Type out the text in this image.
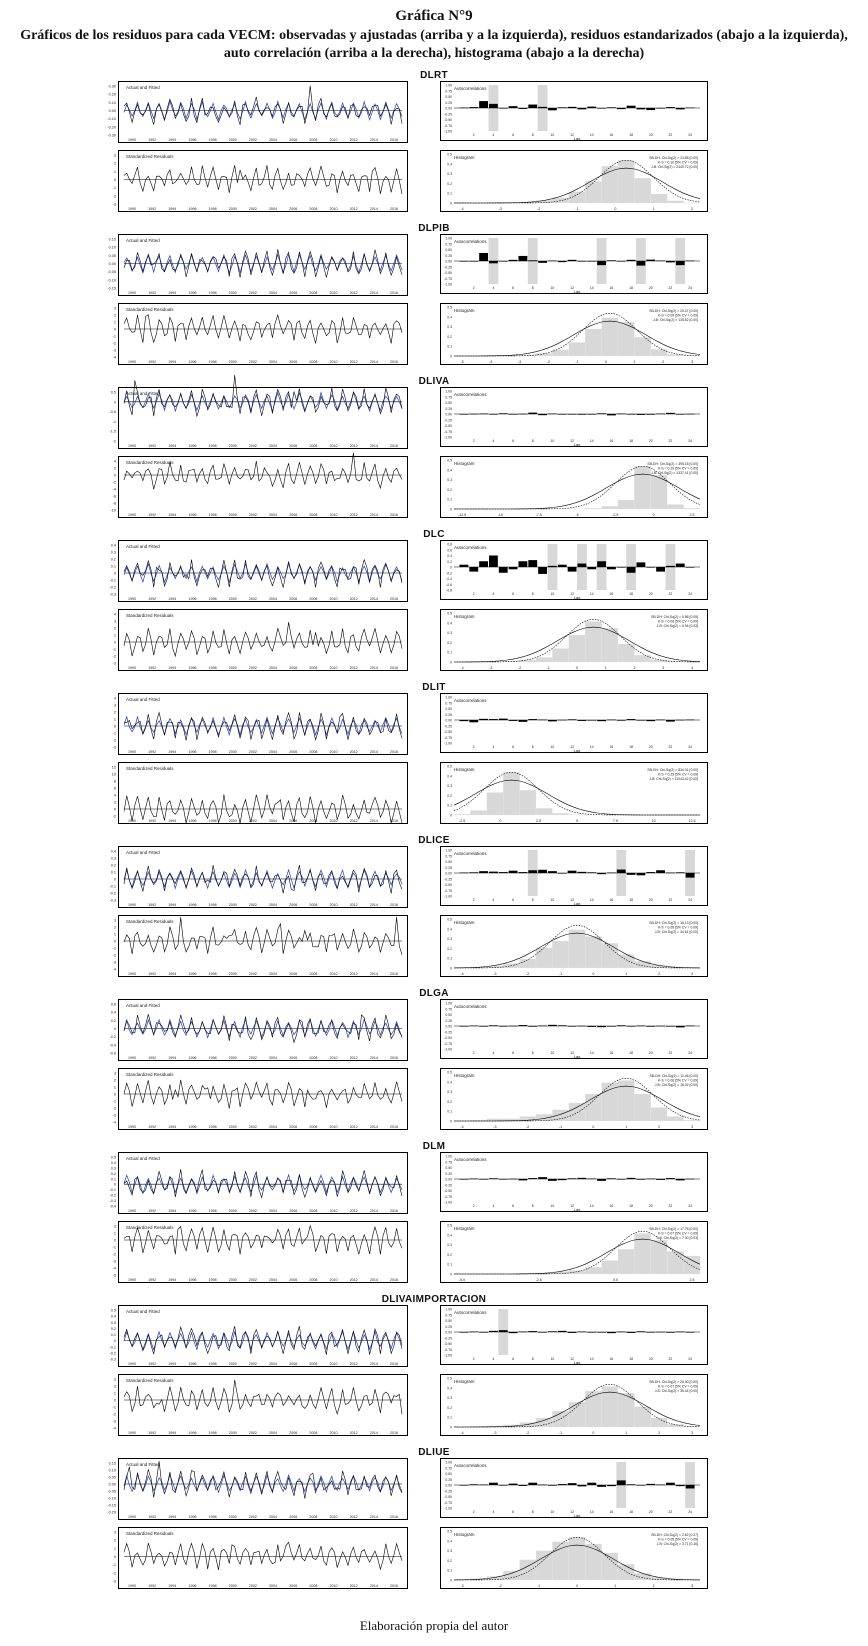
Gráfica N°9
Gráficos de los residuos para cada VECM: observadas y ajustadas (arriba y a la izquierda), residuos estandarizados (abajo a la izquierda), auto correlación (arriba a la derecha), histograma (abajo a la derecha)
DLRT
0.30
0.20
0.10
0.00
-0.10
-0.20
-0.30
Actual and Fitted
1990	1992	1994	1996	1998	2000	2002	2004	2006	2008	2010	2012	2014	2016
3
2
1
0
-1
-2
-3
Standardized Residuals
1990	1992	1994	1996	1998	2000	2002	2004	2006	2008	2010	2012	2014	2016
Autocorrelations
1.00
0.75
0.50
0.25
0.00
-0.25
-0.50
-0.75
-1.00
2	4	6	8	10	12	14	16	18	20	22	24
Lag
Histogram	SB-DH: Chi-Sq(2) = 23.85 [0.00]
K-S = 0.10 [5% CV = 0.09]
J-B: Chi-Sq(2) = 2440.72 [0.00]
0.5
0.4
0.3
0.2
0.1
0
-4	-3	-2	-1	0	1	2
DLPIB
0.15
0.10
0.05
0.00
-0.05
-0.10
-0.15
Actual and Fitted
1990	1992	1994	1996	1998	2000	2002	2004	2006	2008	2010	2012	2014	2016
3
2
1
0
-1
-2
-3
-4
Standardized Residuals
1990	1992	1994	1996	1998	2000	2002	2004	2006	2008	2010	2012	2014	2016
Autocorrelations
1.00
0.75
0.50
0.25
0.00
-0.25
-0.50
-0.75
-1.00
2	4	6	8	10	12	14	16	18	20	22	24
Lag
Histogram	SB-DH: Chi-Sq(2) = 20.47 [0.00]
K-S = 0.09 [5% CV = 0.09]
J-B: Chi-Sq(2) = 135.52 [0.00]
0.5
0.4
0.3
0.2
0.1
0
-5	-4	-3	-2	-1	0	1	2	3
DLIVA
0.5
0
-0.5
-1
-1.5
-2
Actual and Fitted
1990	1992	1994	1996	1998	2000	2002	2004	2006	2008	2010	2012	2014	2016
4
2
0
-2
-4
-6
-8
-10
Standardized Residuals
1990	1992	1994	1996	1998	2000	2002	2004	2006	2008	2010	2012	2014	2016
Autocorrelations
1.00
0.75
0.50
0.25
0.00
-0.25
-0.50
-0.75
-1.00
2	4	6	8	10	12	14	16	18	20	22	24
Lag
Histogram	SB-DH: Chi-Sq(2) = 495.18 [0.00]
K-S = 0.29 [5% CV = 0.09]
J-B: Chi-Sq(2) = 1337.41 [0.00]
0.5
0.4
0.3
0.2
0.1
0
-12.5	-10	-7.5	-5	-2.5	0	2.5
DLC
0.4
0.3
0.2
0.1
0
-0.1
-0.2
-0.3
Actual and Fitted
1990	1992	1994	1996	1998	2000	2002	2004	2006	2008	2010	2012	2014	2016
4
3
2
1
0
-1
-2
-3
Standardized Residuals
1990	1992	1994	1996	1998	2000	2002	2004	2006	2008	2010	2012	2014	2016
Autocorrelations
0.8
0.6
0.4
0.2
0
-0.2
-0.4
-0.6
-0.8
2	4	6	8	10	12	14	16	18	20	22	24
Lag
Histogram	SB-DH: Chi-Sq(2) = 5.86 [0.05]
K-S = 0.06 [5% CV = 0.09]
J-B: Chi-Sq(2) = 6.94 [0.03]
0.5
0.4
0.3
0.2
0.1
0
-4	-3	-2	-1	0	1	2	3	4
DLIT
4
3
2
1
0
-1
-2
-3
Actual and Fitted
1990	1992	1994	1996	1998	2000	2002	2004	2006	2008	2010	2012	2014	2016
12
10
8
6
4
2
0
-2
Standardized Residuals
1990	1992	1994	1996	1998	2000	2002	2004	2006	2008	2010	2012	2014	2016
Autocorrelations
1.00
0.75
0.50
0.25
0.00
-0.25
-0.50
-0.75
-1.00
2	4	6	8	10	12	14	16	18	20	22	24
Lag
Histogram	SB-DH: Chi-Sq(2) = 834.01 [0.00]
K-S = 0.25 [5% CV = 0.09]
J-B: Chi-Sq(2) = 11043.42 [0.00]
0.5
0.4
0.3
0.2
0.1
0
-2.5	0	2.5	5	7.5	10	12.5
DLICE
0.4
0.3
0.2
0.1
0
-0.1
-0.2
-0.3
Actual and Fitted
1990	1992	1994	1996	1998	2000	2002	2004	2006	2008	2010	2012	2014	2016
3
2
1
0
-1
-2
-3
-4
Standardized Residuals
1990	1992	1994	1996	1998	2000	2002	2004	2006	2008	2010	2012	2014	2016
Autocorrelations
1.00
0.75
0.50
0.25
0.00
-0.25
-0.50
-0.75
-1.00
2	4	6	8	10	12	14	16	18	20	22	24
Lag
Histogram	SB-DH: Chi-Sq(2) = 16.13 [0.00]
K-S = 0.09 [5% CV = 0.09]
J-B: Chi-Sq(2) = 34.61 [0.00]
0.5
0.4
0.3
0.2
0.1
0
-4	-3	-2	-1	0	1	2	3
DLGA
0.6
0.4
0.2
0
-0.2
-0.4
-0.6
Actual and Fitted
1990	1992	1994	1996	1998	2000	2002	2004	2006	2008	2010	2012	2014	2016
3
2
1
0
-1
-2
-3
-4
Standardized Residuals
1990	1992	1994	1996	1998	2000	2002	2004	2006	2008	2010	2012	2014	2016
Autocorrelations
1.00
0.75
0.50
0.25
0.00
-0.25
-0.50
-0.75
-1.00
2	4	6	8	10	12	14	16	18	20	22	24
Lag
Histogram	SB-DH: Chi-Sq(2) = 11.46 [0.00]
K-S = 0.06 [5% CV = 0.09]
J-B: Chi-Sq(2) = 16.02 [0.00]
0.5
0.4
0.3
0.2
0.1
0
-4	-3	-2	-1	0	1	2	3
DLM
0.5
0.4
0.3
0.2
0.1
0
-0.1
-0.2
-0.3
-0.4
Actual and Fitted
1990	1992	1994	1996	1998	2000	2002	2004	2006	2008	2010	2012	2014	2016
2
1
0
-1
-2
-3
-4
-5
Standardized Residuals
1990	1992	1994	1996	1998	2000	2002	2004	2006	2008	2010	2012	2014	2016
Autocorrelations
1.00
0.75
0.50
0.25
0.00
-0.25
-0.50
-0.75
-1.00
2	4	6	8	10	12	14	16	18	20	22	24
Lag
Histogram	SB-DH: Chi-Sq(2) = 17.75 [0.00]
K-S = 0.07 [5% CV = 0.09]
J-B: Chi-Sq(2) = 7.30 [0.03]
0.5
0.4
0.3
0.2
0.1
0
-5.0	-2.5	0.0	2.5
DLIVAIMPORTACION
0.5
0.4
0.3
0.2
0.1
0
-0.1
-0.2
-0.3
Actual and Fitted
1990	1992	1994	1996	1998	2000	2002	2004	2006	2008	2010	2012	2014	2016
3
2
1
0
-1
-2
-3
-4
Standardized Residuals
1990	1992	1994	1996	1998	2000	2002	2004	2006	2008	2010	2012	2014	2016
Autocorrelations
1.00
0.75
0.50
0.25
0.00
-0.25
-0.50
-0.75
-1.00
2	4	6	8	10	12	14	16	18	20	22	24
Lag
Histogram	SB-DH: Chi-Sq(2) = 26.30 [0.00]
K-S = 0.07 [5% CV = 0.09]
J-B: Chi-Sq(2) = 35.44 [0.00]
0.5
0.4
0.3
0.2
0.1
0
-4	-3	-2	-1	0	1	2	3
DLIUE
0.15
0.10
0.05
0.00
-0.05
-0.10
-0.15
-0.20
Actual and Fitted
1990	1992	1994	1996	1998	2000	2002	2004	2006	2008	2010	2012	2014	2016
3
2
1
0
-1
-2
-3
Standardized Residuals
1990	1992	1994	1996	1998	2000	2002	2004	2006	2008	2010	2012	2014	2016
Autocorrelations
1.00
0.75
0.50
0.25
0.00
-0.25
-0.50
-0.75
-1.00
2	4	6	8	10	12	14	16	18	20	22	24
Lag
Histogram	SB-DH: Chi-Sq(2) = 2.62 [0.27]
K-S = 0.05 [5% CV = 0.09]
J-B: Chi-Sq(2) = 3.71 [0.16]
0.5
0.4
0.3
0.2
0.1
0
-3	-2	-1	0	1	2	3
Elaboración propia del autor
